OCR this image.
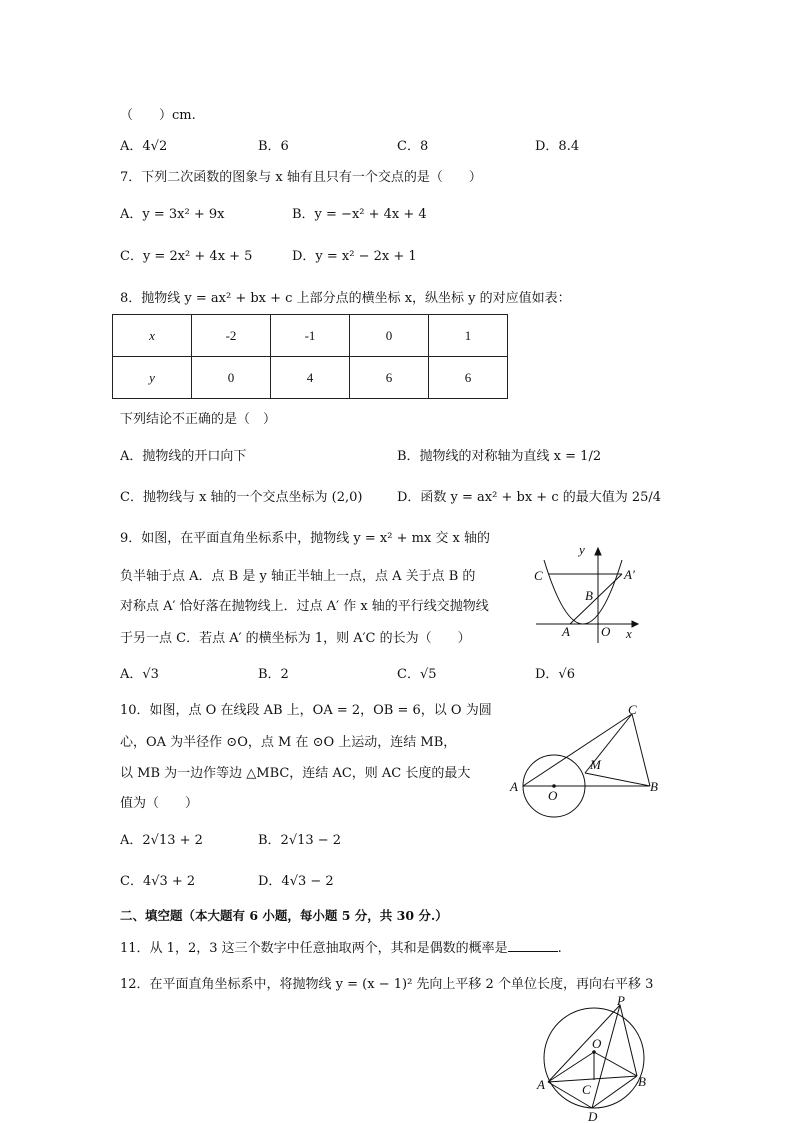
（　　）cm.
A．4√2	B．6	C．8	D．8.4
7．下列二次函数的图象与 x 轴有且只有一个交点的是（　　）
A．y = 3x² + 9x	B．y = −x² + 4x + 4
C．y = 2x² + 4x + 5	D．y = x² − 2x + 1
8．抛物线 y = ax² + bx + c 上部分点的横坐标 x，纵坐标 y 的对应值如表：
x	-2	-1	0	1
y	0	4	6	6
下列结论不正确的是（　）
A．抛物线的开口向下	B．抛物线的对称轴为直线 x = 1/2
C．抛物线与 x 轴的一个交点坐标为 (2,0)	D．函数 y = ax² + bx + c 的最大值为 25/4
9．如图，在平面直角坐标系中，抛物线 y = x² + mx 交 x 轴的
负半轴于点 A．点 B 是 y 轴正半轴上一点，点 A 关于点 B 的
对称点 A′ 恰好落在抛物线上．过点 A′ 作 x 轴的平行线交抛物线
于另一点 C．若点 A′ 的横坐标为 1，则 A′C 的长为（　　）
A．√3	B．2	C．√5	D．√6
y
x
C	A′
B
A O
10．如图，点 O 在线段 AB 上，OA = 2，OB = 6，以 O 为圆
心，OA 为半径作 ⊙O，点 M 在 ⊙O 上运动，连结 MB，
以 MB 为一边作等边 △MBC，连结 AC，则 AC 长度的最大
值为（　　）
A．2√13 + 2	B．2√13 − 2
C．4√3 + 2	D．4√3 − 2
C
M
A
O
B
二、填空题（本大题有 6 小题，每小题 5 分，共 30 分.）
11．从 1，2，3 这三个数字中任意抽取两个，其和是偶数的概率是	.
12．在平面直角坐标系中，将抛物线 y = (x − 1)² 先向上平移 2 个单位长度，再向右平移 3
P
O
A	C
B
D
